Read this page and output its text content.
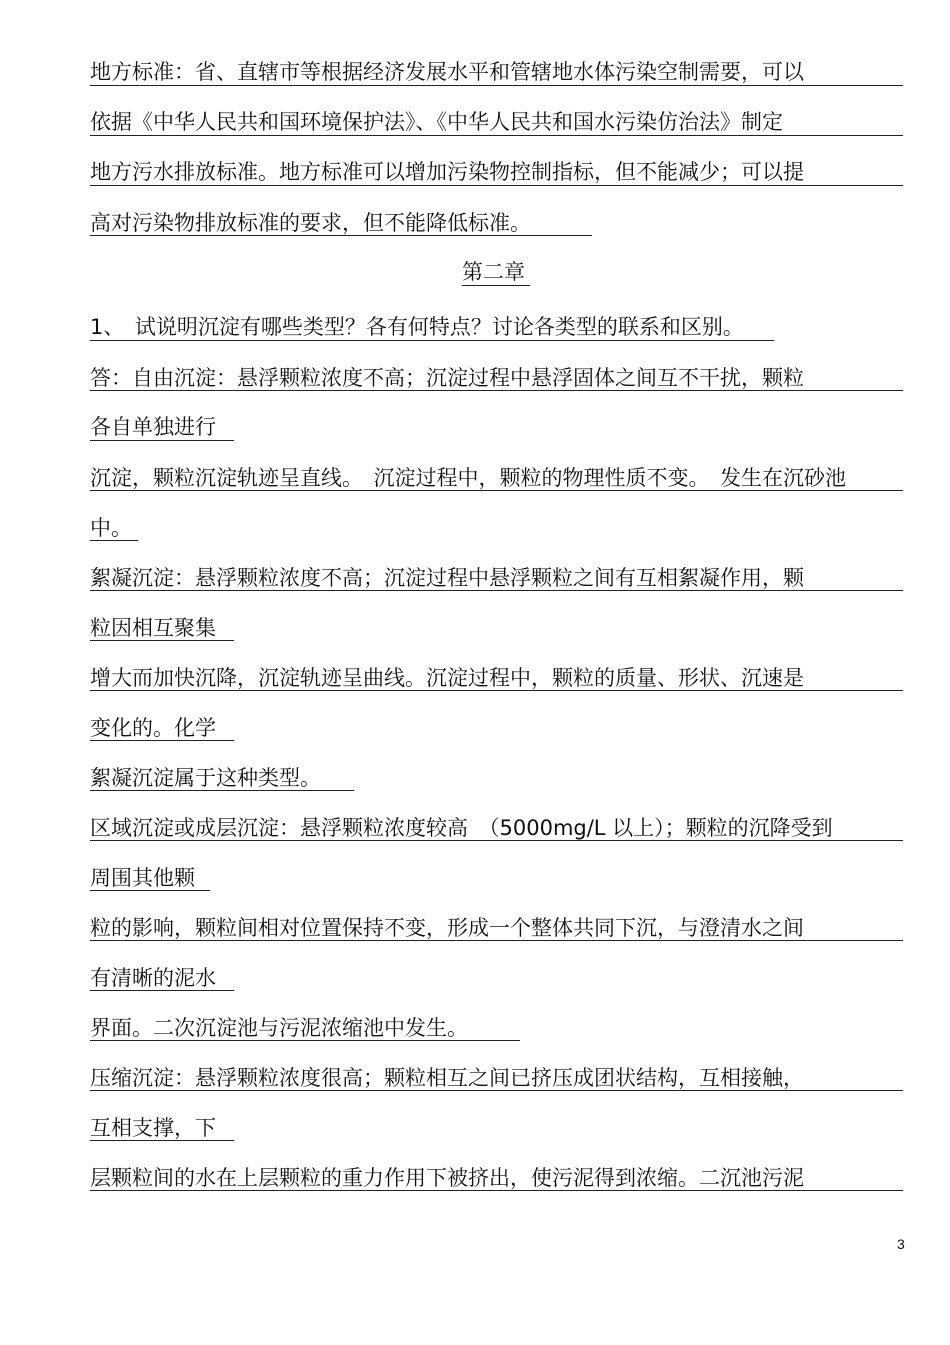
地方标准：省、直辖市等根据经济发展水平和管辖地水体污染空制需要，可以
依据《中华人民共和国环境保护法》、《中华人民共和国水污染仿治法》制定
地方污水排放标准。地方标准可以增加污染物控制指标，但不能减少；可以提
高对污染物排放标准的要求，但不能降低标准。
第二章
1、　试说明沉淀有哪些类型？各有何特点？讨论各类型的联系和区别。
答：自由沉淀：悬浮颗粒浓度不高；沉淀过程中悬浮固体之间互不干扰，颗粒
各自单独进行
沉淀，颗粒沉淀轨迹呈直线。　沉淀过程中，颗粒的物理性质不变。　发生在沉砂池
中。
絮凝沉淀：悬浮颗粒浓度不高；沉淀过程中悬浮颗粒之间有互相絮凝作用，颗
粒因相互聚集
增大而加快沉降，沉淀轨迹呈曲线。沉淀过程中，颗粒的质量、形状、沉速是
变化的。化学
絮凝沉淀属于这种类型。
区域沉淀或成层沉淀：悬浮颗粒浓度较高　（5000mg/L 以上）；颗粒的沉降受到
周围其他颗
粒的影响，颗粒间相对位置保持不变，形成一个整体共同下沉，与澄清水之间
有清晰的泥水
界面。二次沉淀池与污泥浓缩池中发生。
压缩沉淀：悬浮颗粒浓度很高；颗粒相互之间已挤压成团状结构，互相接触，
互相支撑，下
层颗粒间的水在上层颗粒的重力作用下被挤出，使污泥得到浓缩。二沉池污泥
3
